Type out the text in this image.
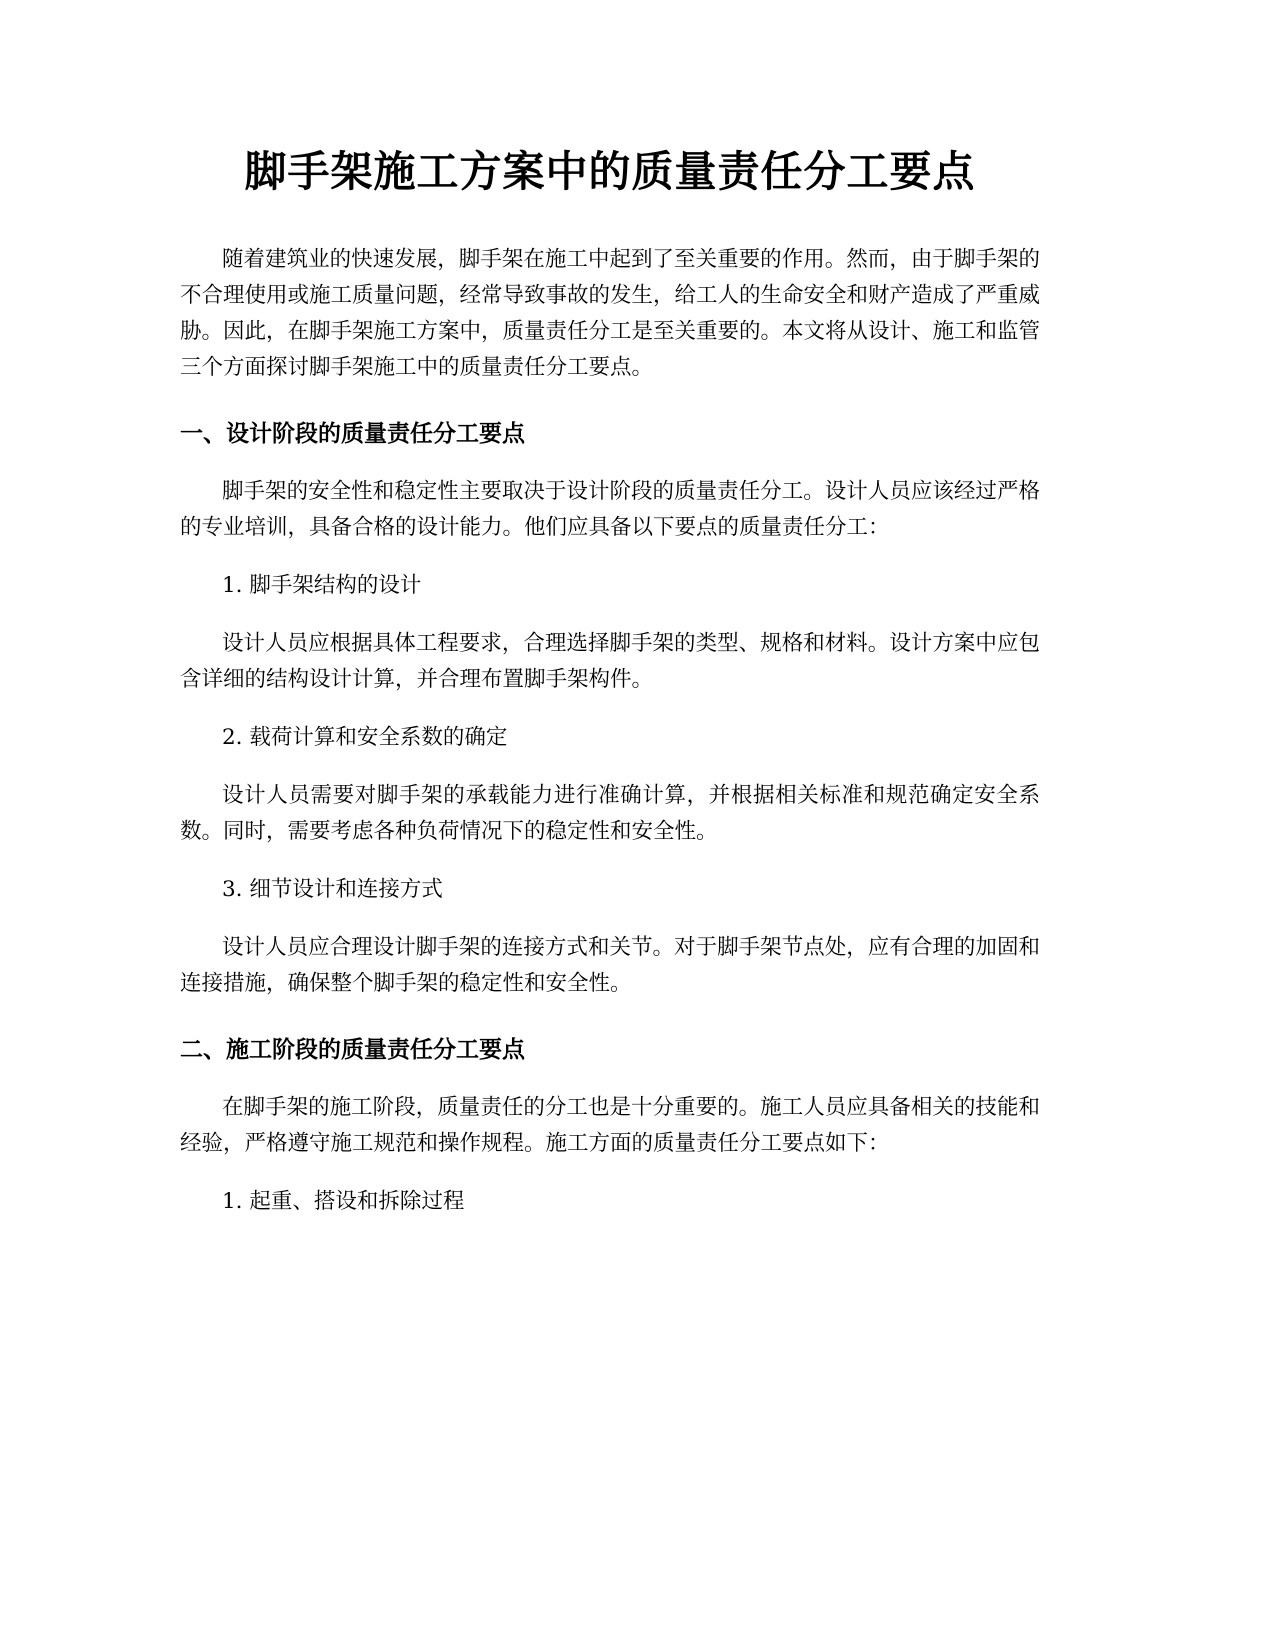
脚手架施工方案中的质量责任分工要点

随着建筑业的快速发展，脚手架在施工中起到了至关重要的作用。然而，由于脚手架的不合理使用或施工质量问题，经常导致事故的发生，给工人的生命安全和财产造成了严重威胁。因此，在脚手架施工方案中，质量责任分工是至关重要的。本文将从设计、施工和监管三个方面探讨脚手架施工中的质量责任分工要点。

一、设计阶段的质量责任分工要点

脚手架的安全性和稳定性主要取决于设计阶段的质量责任分工。设计人员应该经过严格的专业培训，具备合格的设计能力。他们应具备以下要点的质量责任分工：

1. 脚手架结构的设计

设计人员应根据具体工程要求，合理选择脚手架的类型、规格和材料。设计方案中应包含详细的结构设计计算，并合理布置脚手架构件。

2. 载荷计算和安全系数的确定

设计人员需要对脚手架的承载能力进行准确计算，并根据相关标准和规范确定安全系数。同时，需要考虑各种负荷情况下的稳定性和安全性。

3. 细节设计和连接方式

设计人员应合理设计脚手架的连接方式和关节。对于脚手架节点处，应有合理的加固和连接措施，确保整个脚手架的稳定性和安全性。

二、施工阶段的质量责任分工要点

在脚手架的施工阶段，质量责任的分工也是十分重要的。施工人员应具备相关的技能和经验，严格遵守施工规范和操作规程。施工方面的质量责任分工要点如下：

1. 起重、搭设和拆除过程
